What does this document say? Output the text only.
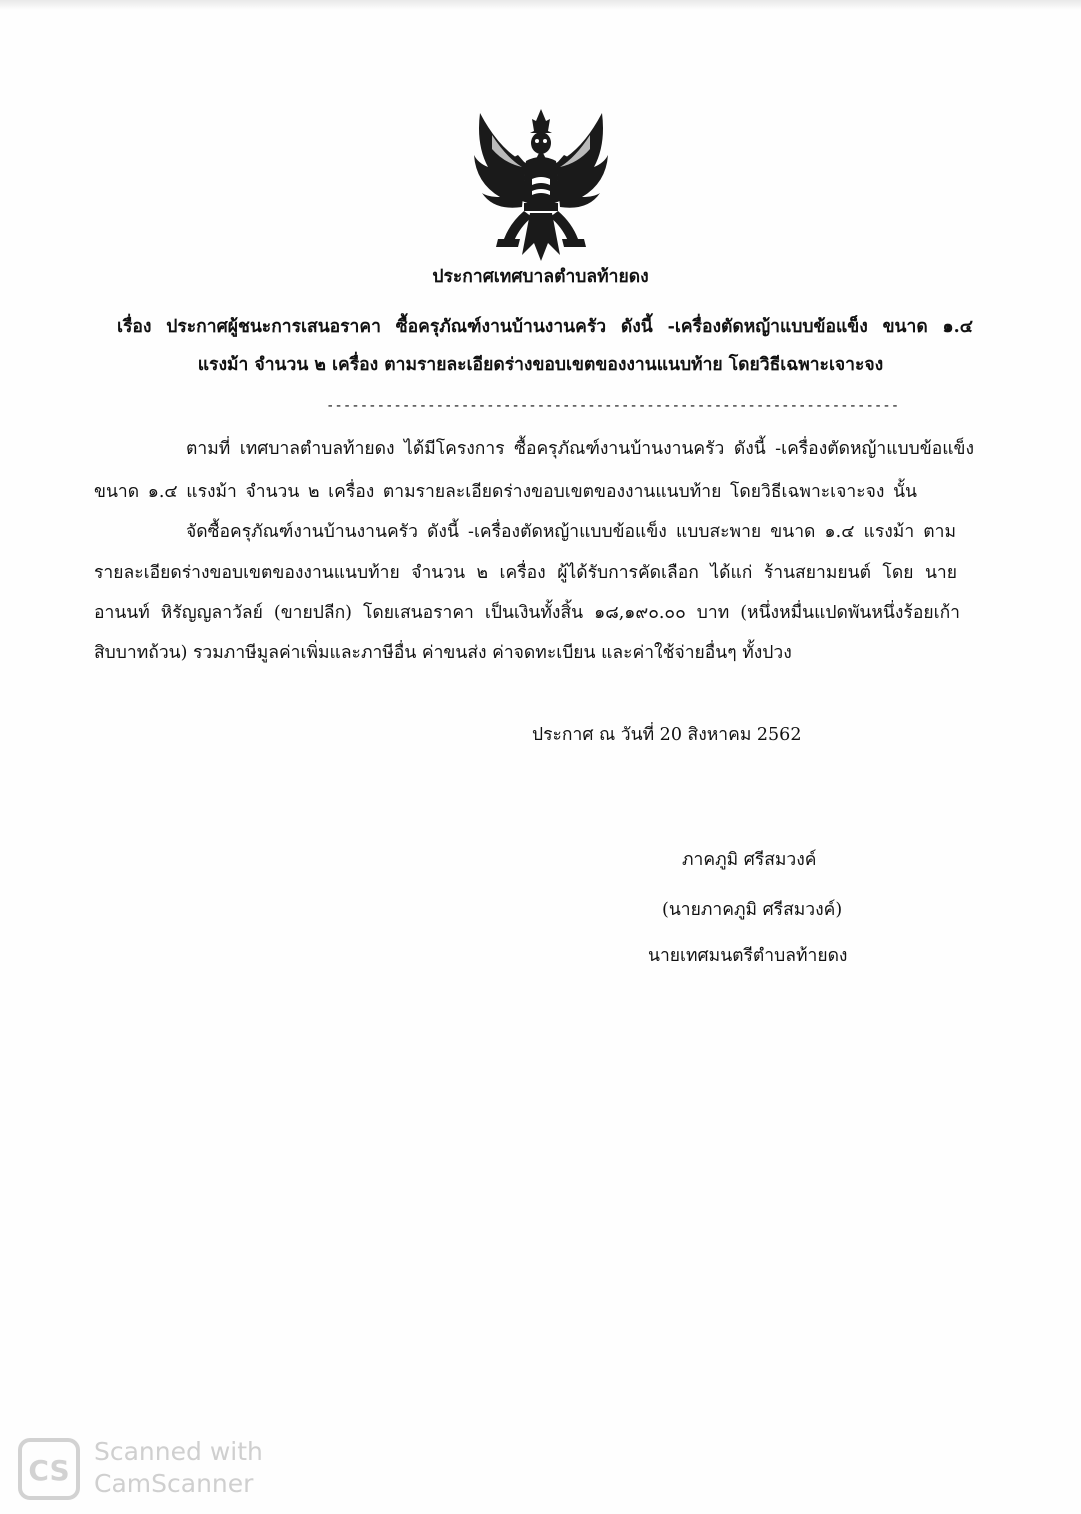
ประกาศเทศบาลตำบลท้ายดง
เรื่อง ประกาศผู้ชนะการเสนอราคา ซื้อครุภัณฑ์งานบ้านงานครัว ดังนี้ -เครื่องตัดหญ้าแบบข้อแข็ง ขนาด ๑.๔
แรงม้า จำนวน ๒ เครื่อง ตามรายละเอียดร่างขอบเขตของงานแนบท้าย โดยวิธีเฉพาะเจาะจง
--------------------------------------------------------------------
ตามที่ เทศบาลตำบลท้ายดง ได้มีโครงการ ซื้อครุภัณฑ์งานบ้านงานครัว ดังนี้ -เครื่องตัดหญ้าแบบข้อแข็ง
ขนาด ๑.๔ แรงม้า จำนวน ๒ เครื่อง ตามรายละเอียดร่างขอบเขตของงานแนบท้าย โดยวิธีเฉพาะเจาะจง นั้น
จัดซื้อครุภัณฑ์งานบ้านงานครัว ดังนี้ -เครื่องตัดหญ้าแบบข้อแข็ง แบบสะพาย ขนาด ๑.๔ แรงม้า ตาม
รายละเอียดร่างขอบเขตของงานแนบท้าย จำนวน ๒ เครื่อง ผู้ได้รับการคัดเลือก ได้แก่ ร้านสยามยนต์ โดย นาย
อานนท์ หิรัญญลาวัลย์ (ขายปลีก) โดยเสนอราคา เป็นเงินทั้งสิ้น ๑๘,๑๙๐.๐๐ บาท (หนึ่งหมื่นแปดพันหนึ่งร้อยเก้า
สิบบาทถ้วน) รวมภาษีมูลค่าเพิ่มและภาษีอื่น ค่าขนส่ง ค่าจดทะเบียน และค่าใช้จ่ายอื่นๆ ทั้งปวง
ประกาศ ณ วันที่ 20 สิงหาคม 2562
ภาคภูมิ ศรีสมวงค์
(นายภาคภูมิ ศรีสมวงค์)
นายเทศมนตรีตำบลท้ายดง
CS
Scanned with
CamScanner
